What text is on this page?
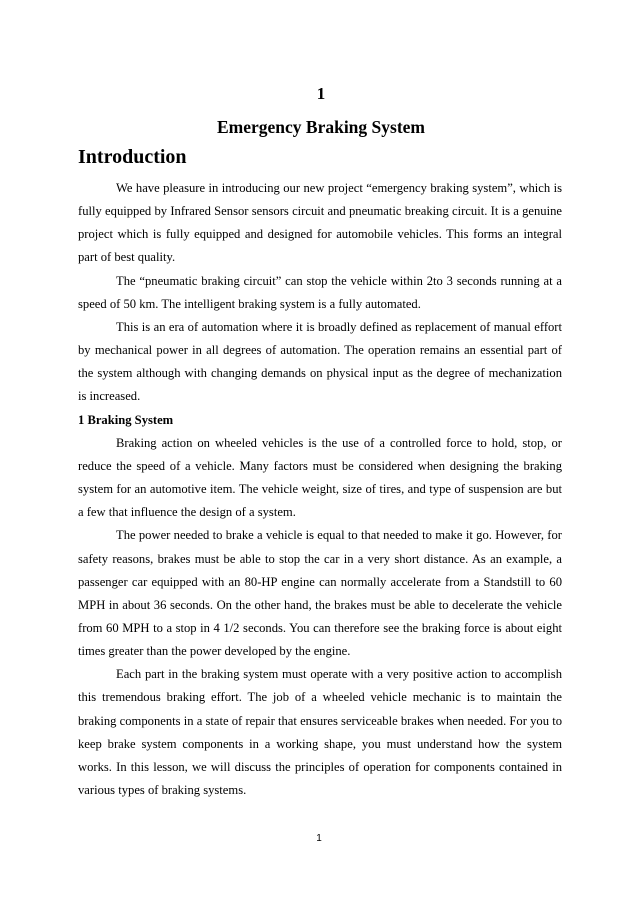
1
Emergency Braking System
Introduction

We have pleasure in introducing our new project “emergency braking system”, which is fully equipped by Infrared Sensor sensors circuit and pneumatic breaking circuit. It is a genuine project which is fully equipped and designed for automobile vehicles. This forms an integral part of best quality.

The “pneumatic braking circuit” can stop the vehicle within 2to 3 seconds running at a speed of 50 km. The intelligent braking system is a fully automated.

This is an era of automation where it is broadly defined as replacement of manual effort by mechanical power in all degrees of automation. The operation remains an essential part of the system although with changing demands on physical input as the degree of mechanization is increased.

1 Braking System

Braking action on wheeled vehicles is the use of a controlled force to hold, stop, or reduce the speed of a vehicle. Many factors must be considered when designing the braking system for an automotive item. The vehicle weight, size of tires, and type of suspension are but a few that influence the design of a system.

The power needed to brake a vehicle is equal to that needed to make it go. However, for safety reasons, brakes must be able to stop the car in a very short distance. As an example, a passenger car equipped with an 80-HP engine can normally accelerate from a Standstill to 60 MPH in about 36 seconds. On the other hand, the brakes must be able to decelerate the vehicle from 60 MPH to a stop in 4 1/2 seconds. You can therefore see the braking force is about eight times greater than the power developed by the engine.

Each part in the braking system must operate with a very positive action to accomplish this tremendous braking effort. The job of a wheeled vehicle mechanic is to maintain the braking components in a state of repair that ensures serviceable brakes when needed. For you to keep brake system components in a working shape, you must understand how the system works. In this lesson, we will discuss the principles of operation for components contained in various types of braking systems.

1
